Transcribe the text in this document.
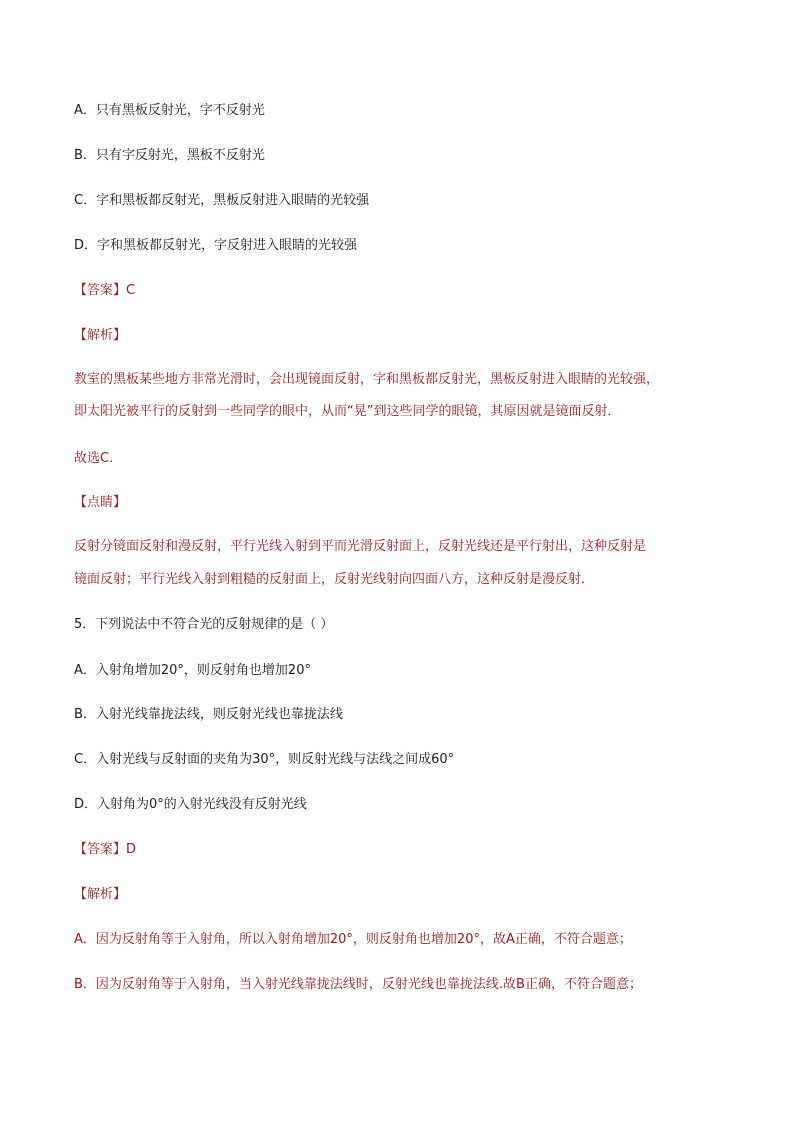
A．只有黑板反射光，字不反射光
B．只有字反射光，黑板不反射光
C．字和黑板都反射光，黑板反射进入眼睛的光较强
D．字和黑板都反射光，字反射进入眼睛的光较强
【答案】C
【解析】
教室的黑板某些地方非常光滑时，会出现镜面反射，字和黑板都反射光，黑板反射进入眼睛的光较强，
即太阳光被平行的反射到一些同学的眼中，从而“晃”到这些同学的眼镜，其原因就是镜面反射．
故选C.
【点睛】
反射分镜面反射和漫反射，平行光线入射到平而光滑反射面上，反射光线还是平行射出，这种反射是
镜面反射；平行光线入射到粗糙的反射面上，反射光线射向四面八方，这种反射是漫反射．
5．下列说法中不符合光的反射规律的是（ ）
A．入射角增加20°，则反射角也增加20°
B．入射光线靠拢法线，则反射光线也靠拢法线
C．入射光线与反射面的夹角为30°，则反射光线与法线之间成60°
D．入射角为0°的入射光线没有反射光线
【答案】D
【解析】
A．因为反射角等于入射角，所以入射角增加20°，则反射角也增加20°，故A正确，不符合题意；
B．因为反射角等于入射角，当入射光线靠拢法线时，反射光线也靠拢法线.故B正确，不符合题意；
